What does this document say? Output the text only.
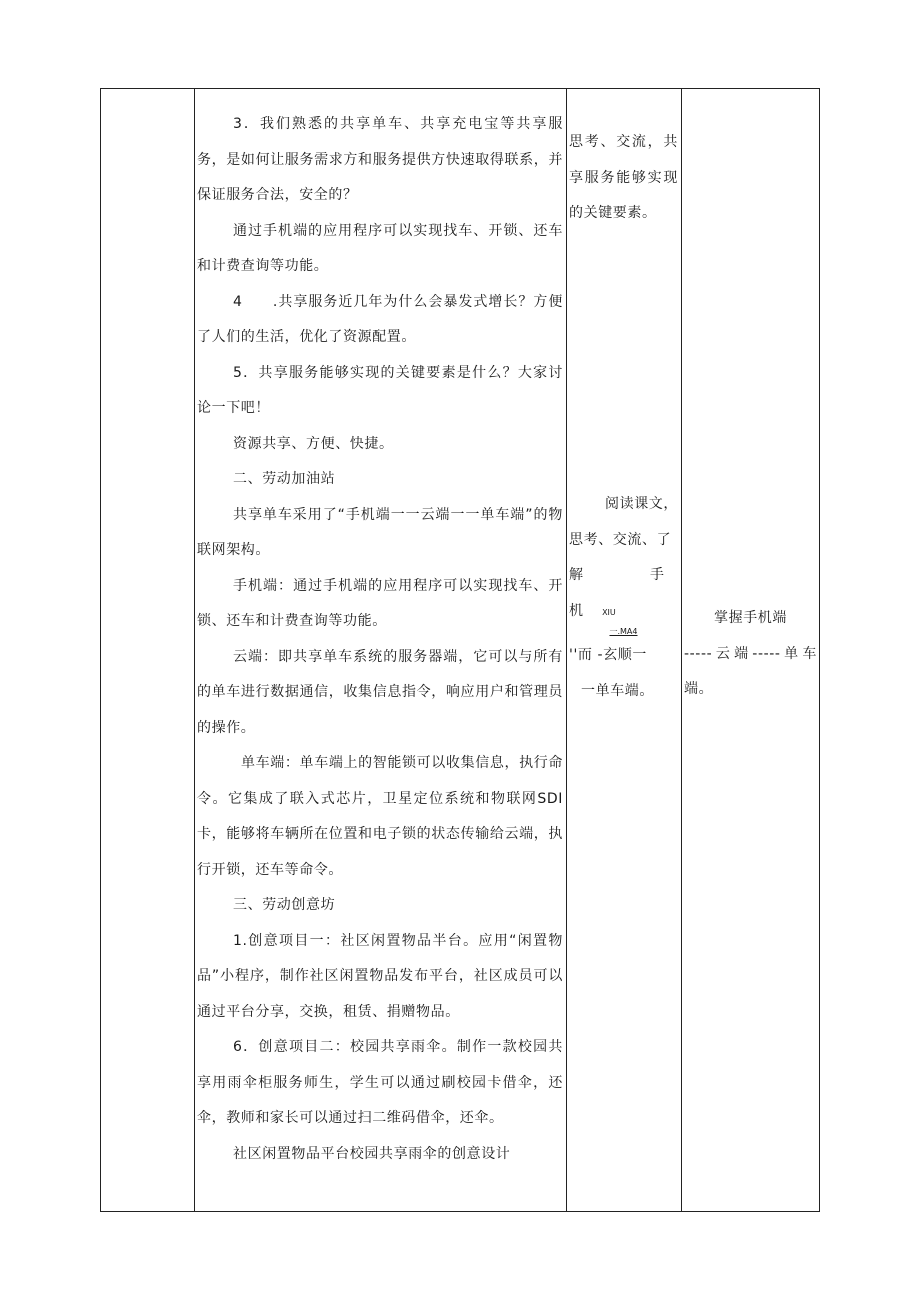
3．我们熟悉的共享单车、共享充电宝等共享服务，是如何让服务需求方和服务提供方快速取得联系，并保证服务合法，安全的？

通过手机端的应用程序可以实现找车、开锁、还车和计费查询等功能。

4　　.共享服务近几年为什么会暴发式增长？方便了人们的生活，优化了资源配置。

5．共享服务能够实现的关键要素是什么？大家讨论一下吧！

资源共享、方便、快捷。

二、劳动加油站

共享单车采用了“手机端一一云端一一单车端”的物联网架构。

手机端：通过手机端的应用程序可以实现找车、开锁、还车和计费查询等功能。

云端：即共享单车系统的服务器端，它可以与所有的单车进行数据通信，收集信息指令，响应用户和管理员的操作。

单车端：单车端上的智能锁可以收集信息，执行命令。它集成了联入式芯片，卫星定位系统和物联网SDI卡，能够将车辆所在位置和电子锁的状态传输给云端，执行开锁，还车等命令。

三、劳动创意坊

1.创意项目一：社区闲置物品半台。应用“闲置物品”小程序，制作社区闲置物品发布平台，社区成员可以通过平台分享，交换，租赁、捐赠物品。

6．创意项目二：校园共享雨伞。制作一款校园共享用雨伞柜服务师生，学生可以通过刷校园卡借伞，还伞，教师和家长可以通过扫二维码借伞，还伞。

社区闲置物品平台校园共享雨伞的创意设计

思考、交流，共享服务能够实现的关键要素。

阅读课文，思考、交流、了

解 手 机 XIU

一.MA4

''而 -玄顺一

一单车端。

掌握手机端

-----云端-----单车端。
